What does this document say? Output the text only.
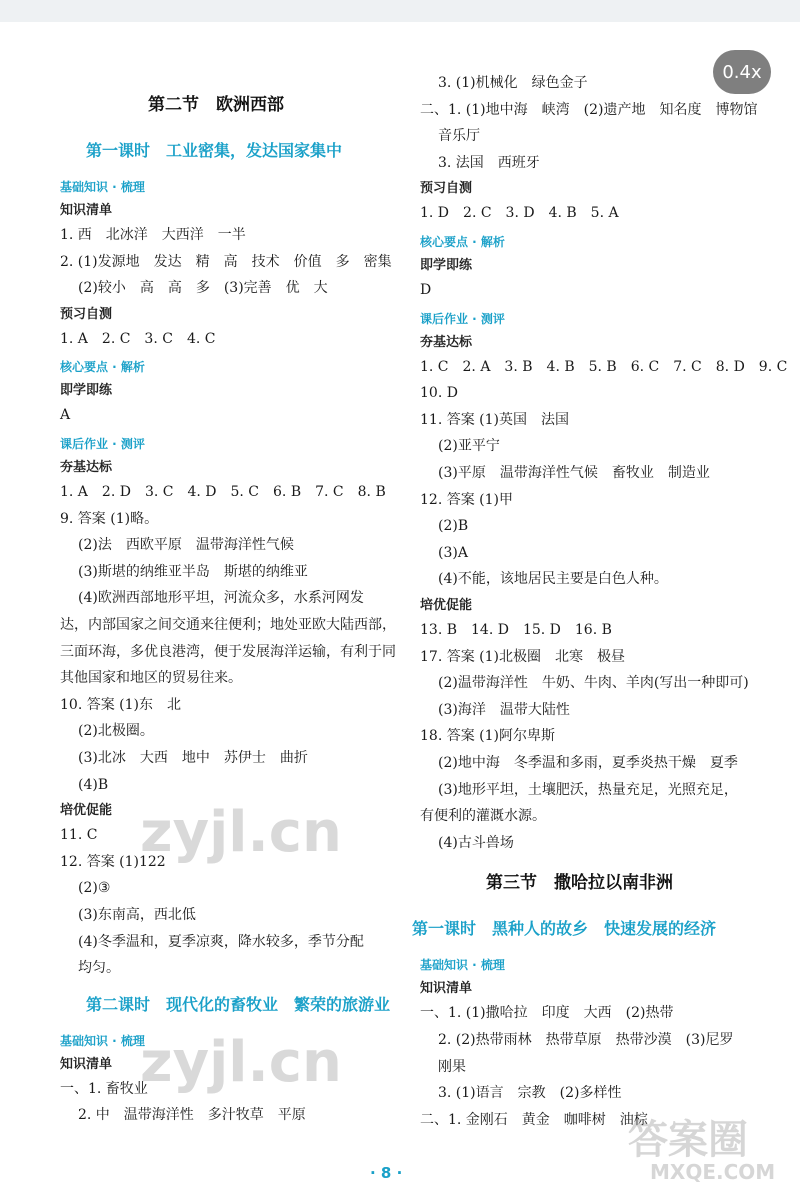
0.4x
第二节　欧洲西部
第一课时　工业密集，发达国家集中
基础知识 · 梳理
知识清单
1. 西　北冰洋　大西洋　一半
2. (1)发源地　发达　精　高　技术　价值　多　密集
(2)较小　高　高　多　(3)完善　优　大
预习自测
1. A　2. C　3. C　4. C
核心要点 · 解析
即学即练
A
课后作业 · 测评
夯基达标
1. A　2. D　3. C　4. D　5. C　6. B　7. C　8. B
9. 答案 (1)略。
(2)法　西欧平原　温带海洋性气候
(3)斯堪的纳维亚半岛　斯堪的纳维亚
(4)欧洲西部地形平坦，河流众多，水系河网发
达，内部国家之间交通来往便利；地处亚欧大陆西部，
三面环海，多优良港湾，便于发展海洋运输，有利于同
其他国家和地区的贸易往来。
10. 答案 (1)东　北
(2)北极圈。
(3)北冰　大西　地中　苏伊士　曲折
(4)B
培优促能
11. C
12. 答案 (1)122
(2)③
(3)东南高，西北低
(4)冬季温和，夏季凉爽，降水较多，季节分配
均匀。
第二课时　现代化的畜牧业　繁荣的旅游业
基础知识 · 梳理
知识清单
一、1. 畜牧业
2. 中　温带海洋性　多汁牧草　平原
3. (1)机械化　绿色金子
二、1. (1)地中海　峡湾　(2)遗产地　知名度　博物馆
音乐厅
3. 法国　西班牙
预习自测
1. D　2. C　3. D　4. B　5. A
核心要点 · 解析
即学即练
D
课后作业 · 测评
夯基达标
1. C　2. A　3. B　4. B　5. B　6. C　7. C　8. D　9. C
10. D
11. 答案 (1)英国　法国
(2)亚平宁
(3)平原　温带海洋性气候　畜牧业　制造业
12. 答案 (1)甲
(2)B
(3)A
(4)不能，该地居民主要是白色人种。
培优促能
13. B　14. D　15. D　16. B
17. 答案 (1)北极圈　北寒　极昼
(2)温带海洋性　牛奶、牛肉、羊肉(写出一种即可)
(3)海洋　温带大陆性
18. 答案 (1)阿尔卑斯
(2)地中海　冬季温和多雨，夏季炎热干燥　夏季
(3)地形平坦，土壤肥沃，热量充足，光照充足，
有便利的灌溉水源。
(4)古斗兽场
第三节　撒哈拉以南非洲
第一课时　黑种人的故乡　快速发展的经济
基础知识 · 梳理
知识清单
一、1. (1)撒哈拉　印度　大西　(2)热带
2. (2)热带雨林　热带草原　热带沙漠　(3)尼罗
刚果
3. (1)语言　宗教　(2)多样性
二、1. 金刚石　黄金　咖啡树　油棕
zyjl.cn
zyjl.cn
答案圈
MXQE.COM
· 8 ·
